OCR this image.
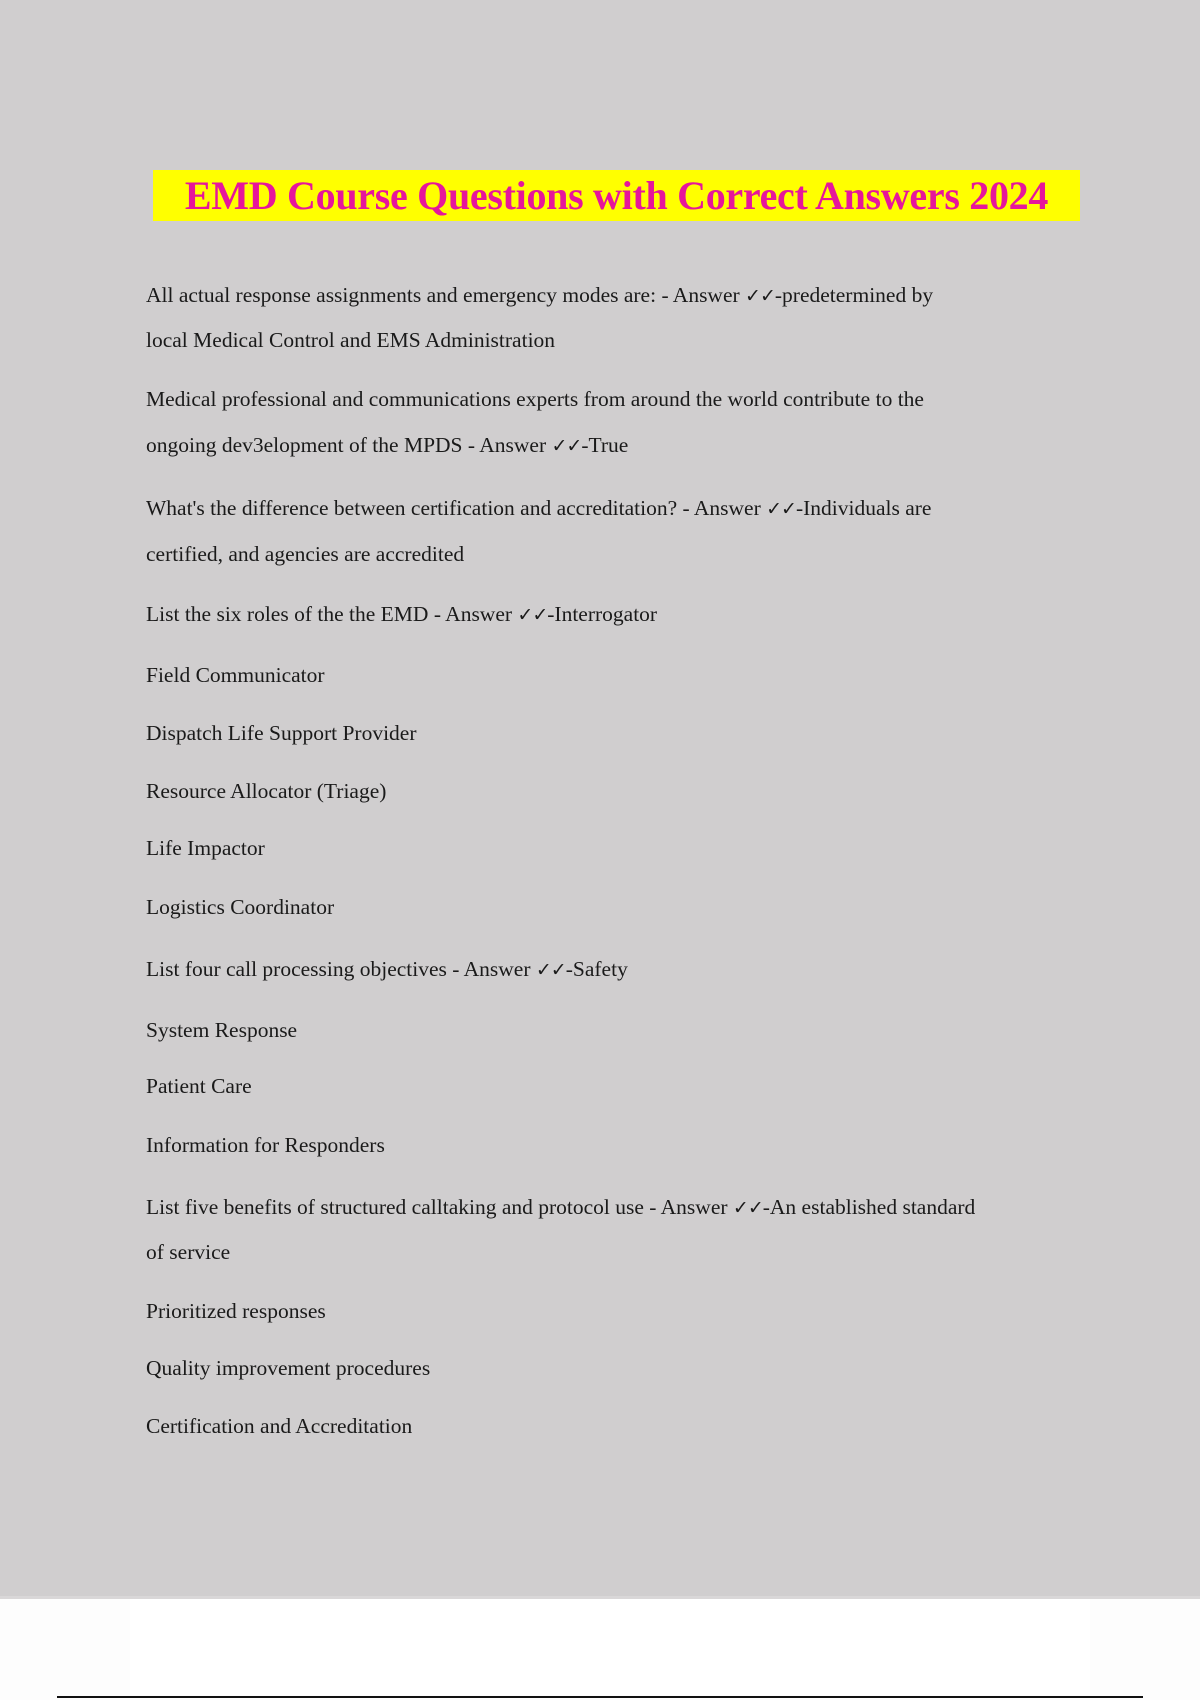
EMD Course Questions with Correct Answers 2024
All actual response assignments and emergency modes are: - Answer ✓✓-predetermined by
local Medical Control and EMS Administration
Medical professional and communications experts from around the world contribute to the
ongoing dev3elopment of the MPDS - Answer ✓✓-True
What's the difference between certification and accreditation? - Answer ✓✓-Individuals are
certified, and agencies are accredited
List the six roles of the the EMD - Answer ✓✓-Interrogator
Field Communicator
Dispatch Life Support Provider
Resource Allocator (Triage)
Life Impactor
Logistics Coordinator
List four call processing objectives - Answer ✓✓-Safety
System Response
Patient Care
Information for Responders
List five benefits of structured calltaking and protocol use - Answer ✓✓-An established standard
of service
Prioritized responses
Quality improvement procedures
Certification and Accreditation
